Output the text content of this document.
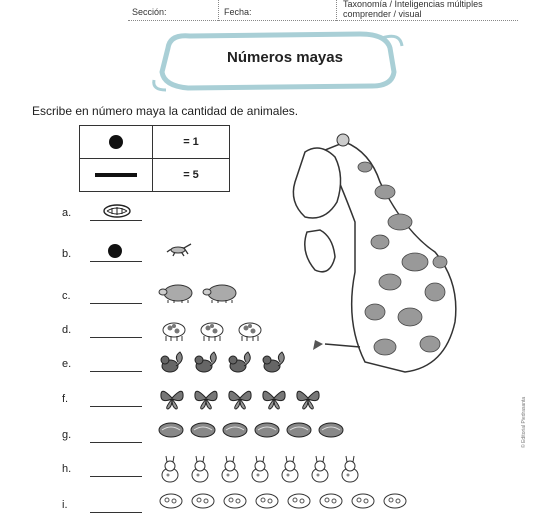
Sección:	Fecha:
Taxonomía / Inteligencias múltiples
comprender / visual
Números mayas
Escribe en número maya la cantidad de animales.
	= 1
	= 5
a.
b.
c.
d.
e.
f.
g.
h.
i.
© Editorial Piedrasanta
